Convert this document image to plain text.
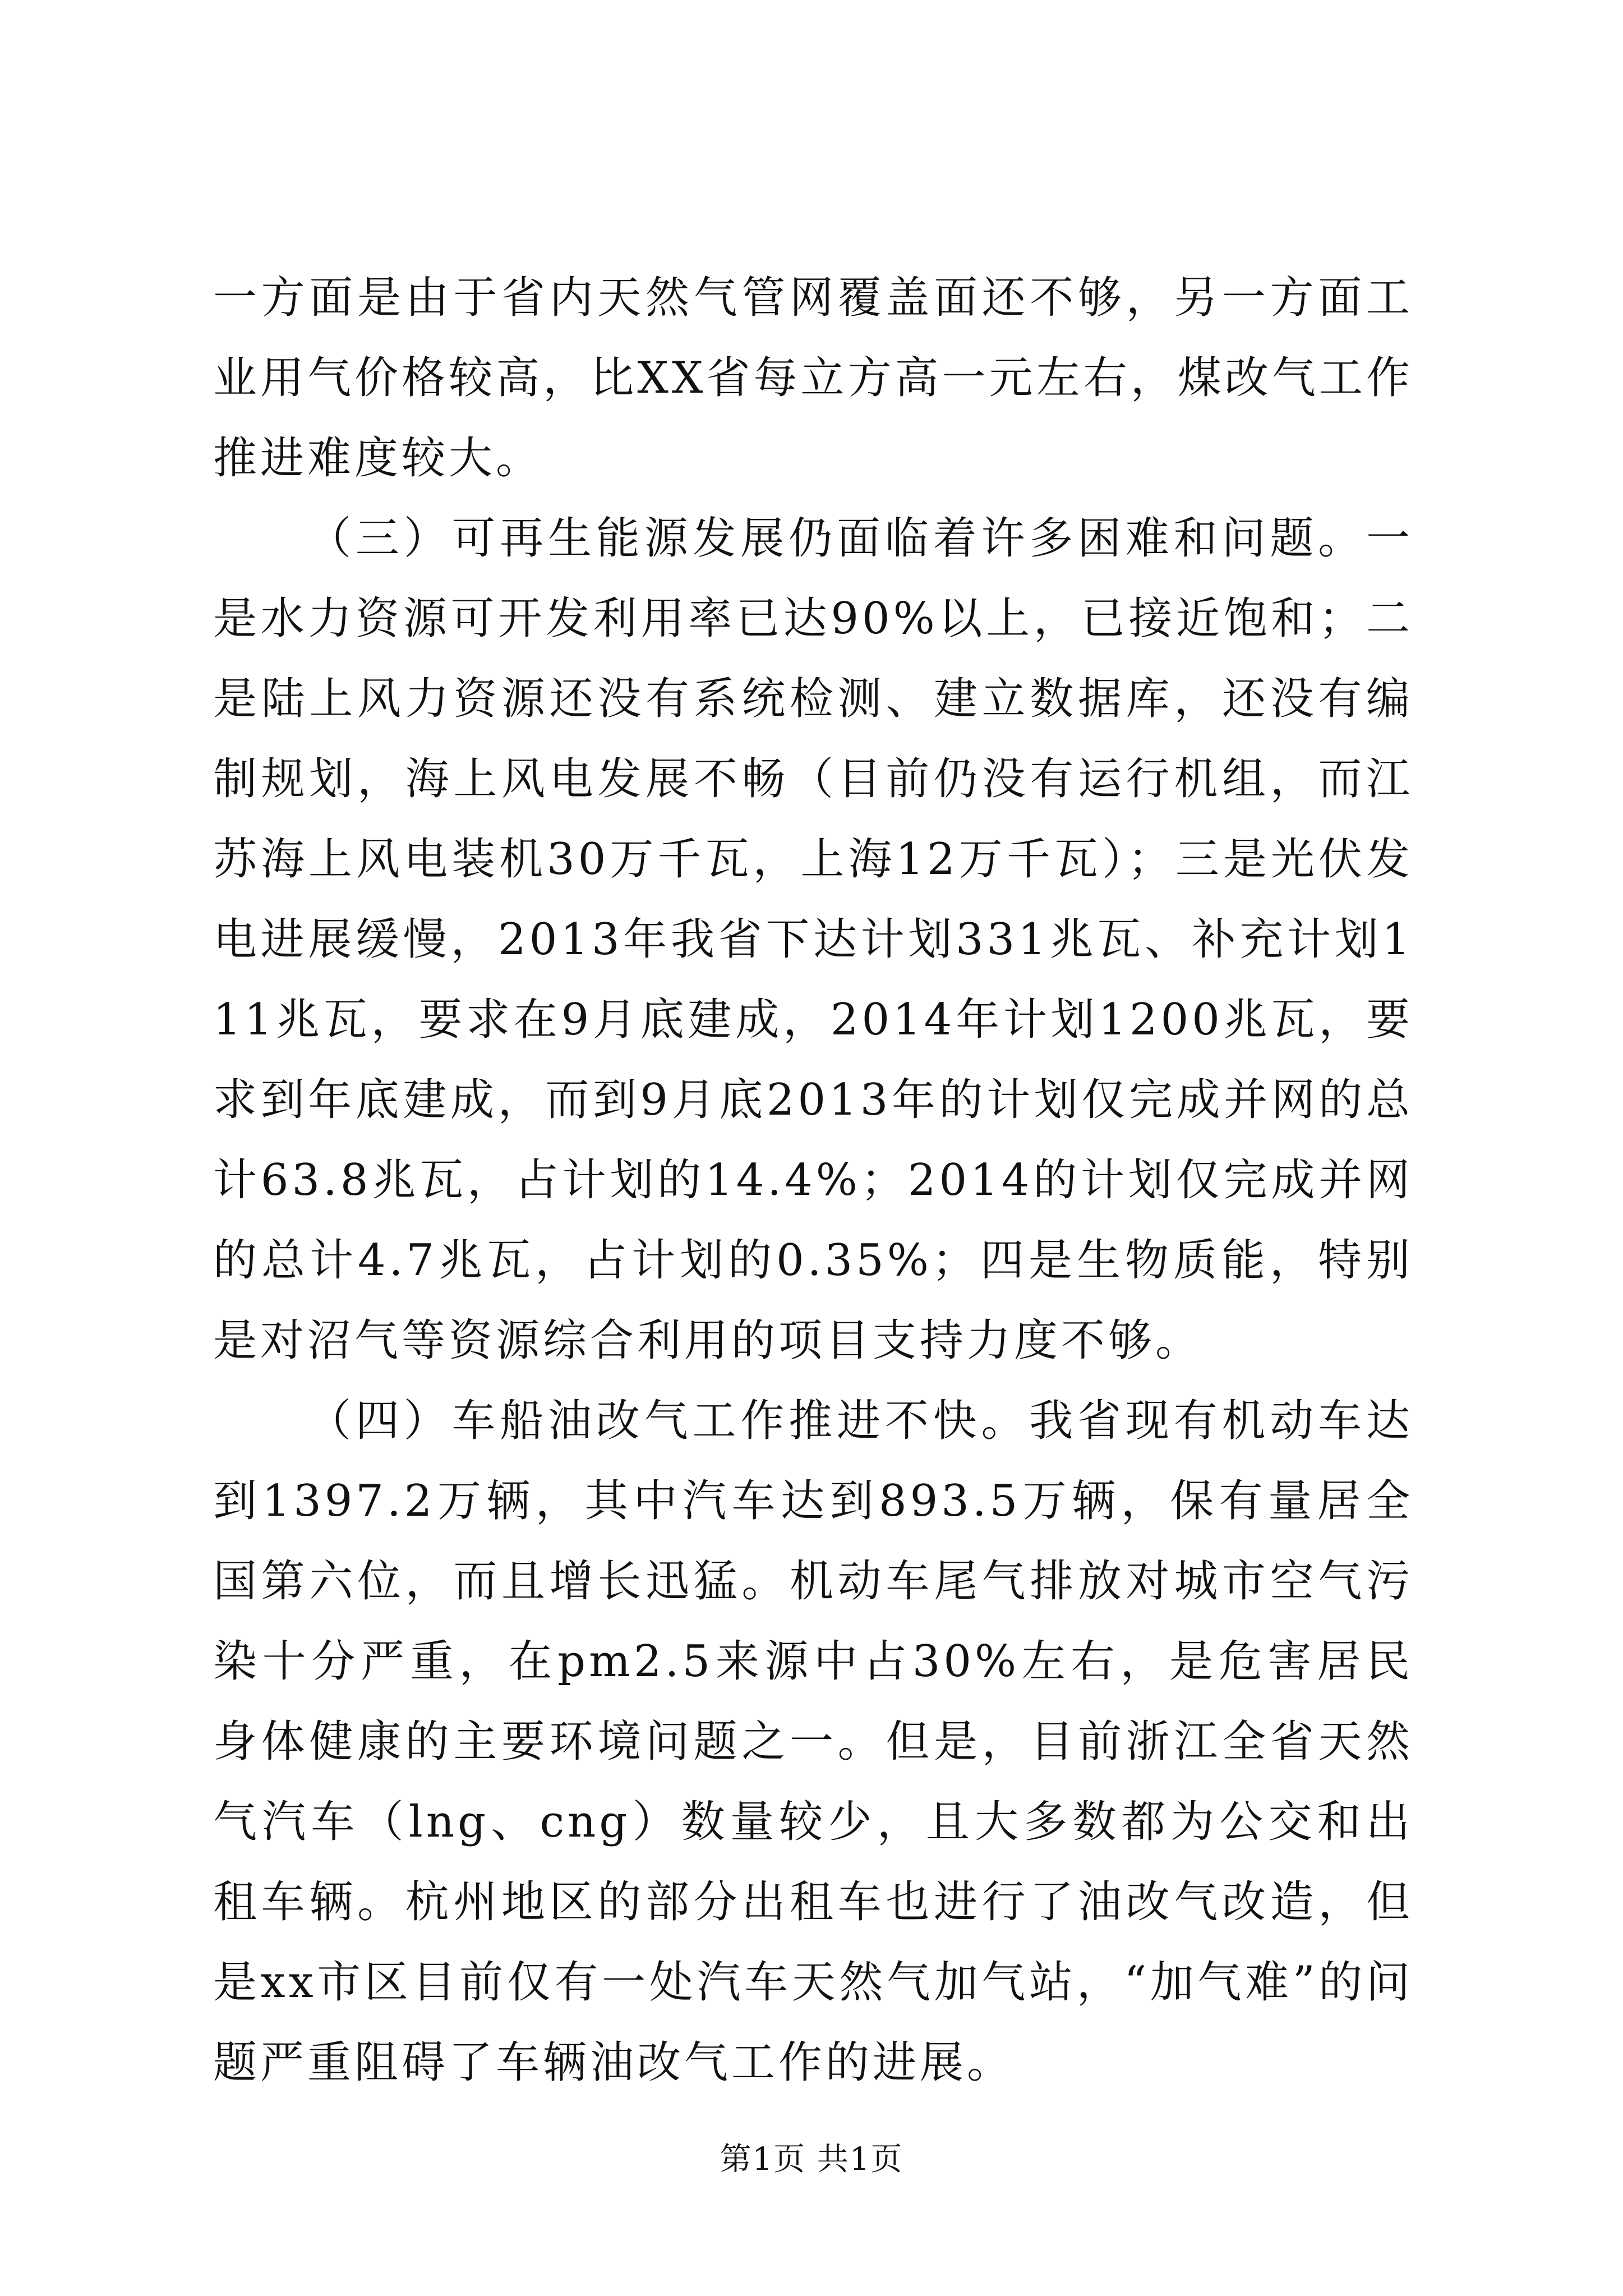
一方面是由于省内天然气管网覆盖面还不够，另一方面工业用气价格较高，比XX省每立方高一元左右，煤改气工作推进难度较大。

（三）可再生能源发展仍面临着许多困难和问题。一是水力资源可开发利用率已达90%以上，已接近饱和；二是陆上风力资源还没有系统检测、建立数据库，还没有编制规划，海上风电发展不畅（目前仍没有运行机组，而江苏海上风电装机30万千瓦，上海12万千瓦）；三是光伏发电进展缓慢，2013年我省下达计划331兆瓦、补充计划111兆瓦，要求在9月底建成，2014年计划1200兆瓦，要求到年底建成，而到9月底2013年的计划仅完成并网的总计63.8兆瓦，占计划的14.4%；2014的计划仅完成并网的总计4.7兆瓦，占计划的0.35%；四是生物质能，特别是对沼气等资源综合利用的项目支持力度不够。

（四）车船油改气工作推进不快。我省现有机动车达到1397.2万辆，其中汽车达到893.5万辆，保有量居全国第六位，而且增长迅猛。机动车尾气排放对城市空气污染十分严重，在pm2.5来源中占30%左右，是危害居民身体健康的主要环境问题之一。但是，目前浙江全省天然气汽车（lng、cng）数量较少，且大多数都为公交和出租车辆。杭州地区的部分出租车也进行了油改气改造，但是xx市区目前仅有一处汽车天然气加气站，“加气难”的问题严重阻碍了车辆油改气工作的进展。

第1页 共1页
